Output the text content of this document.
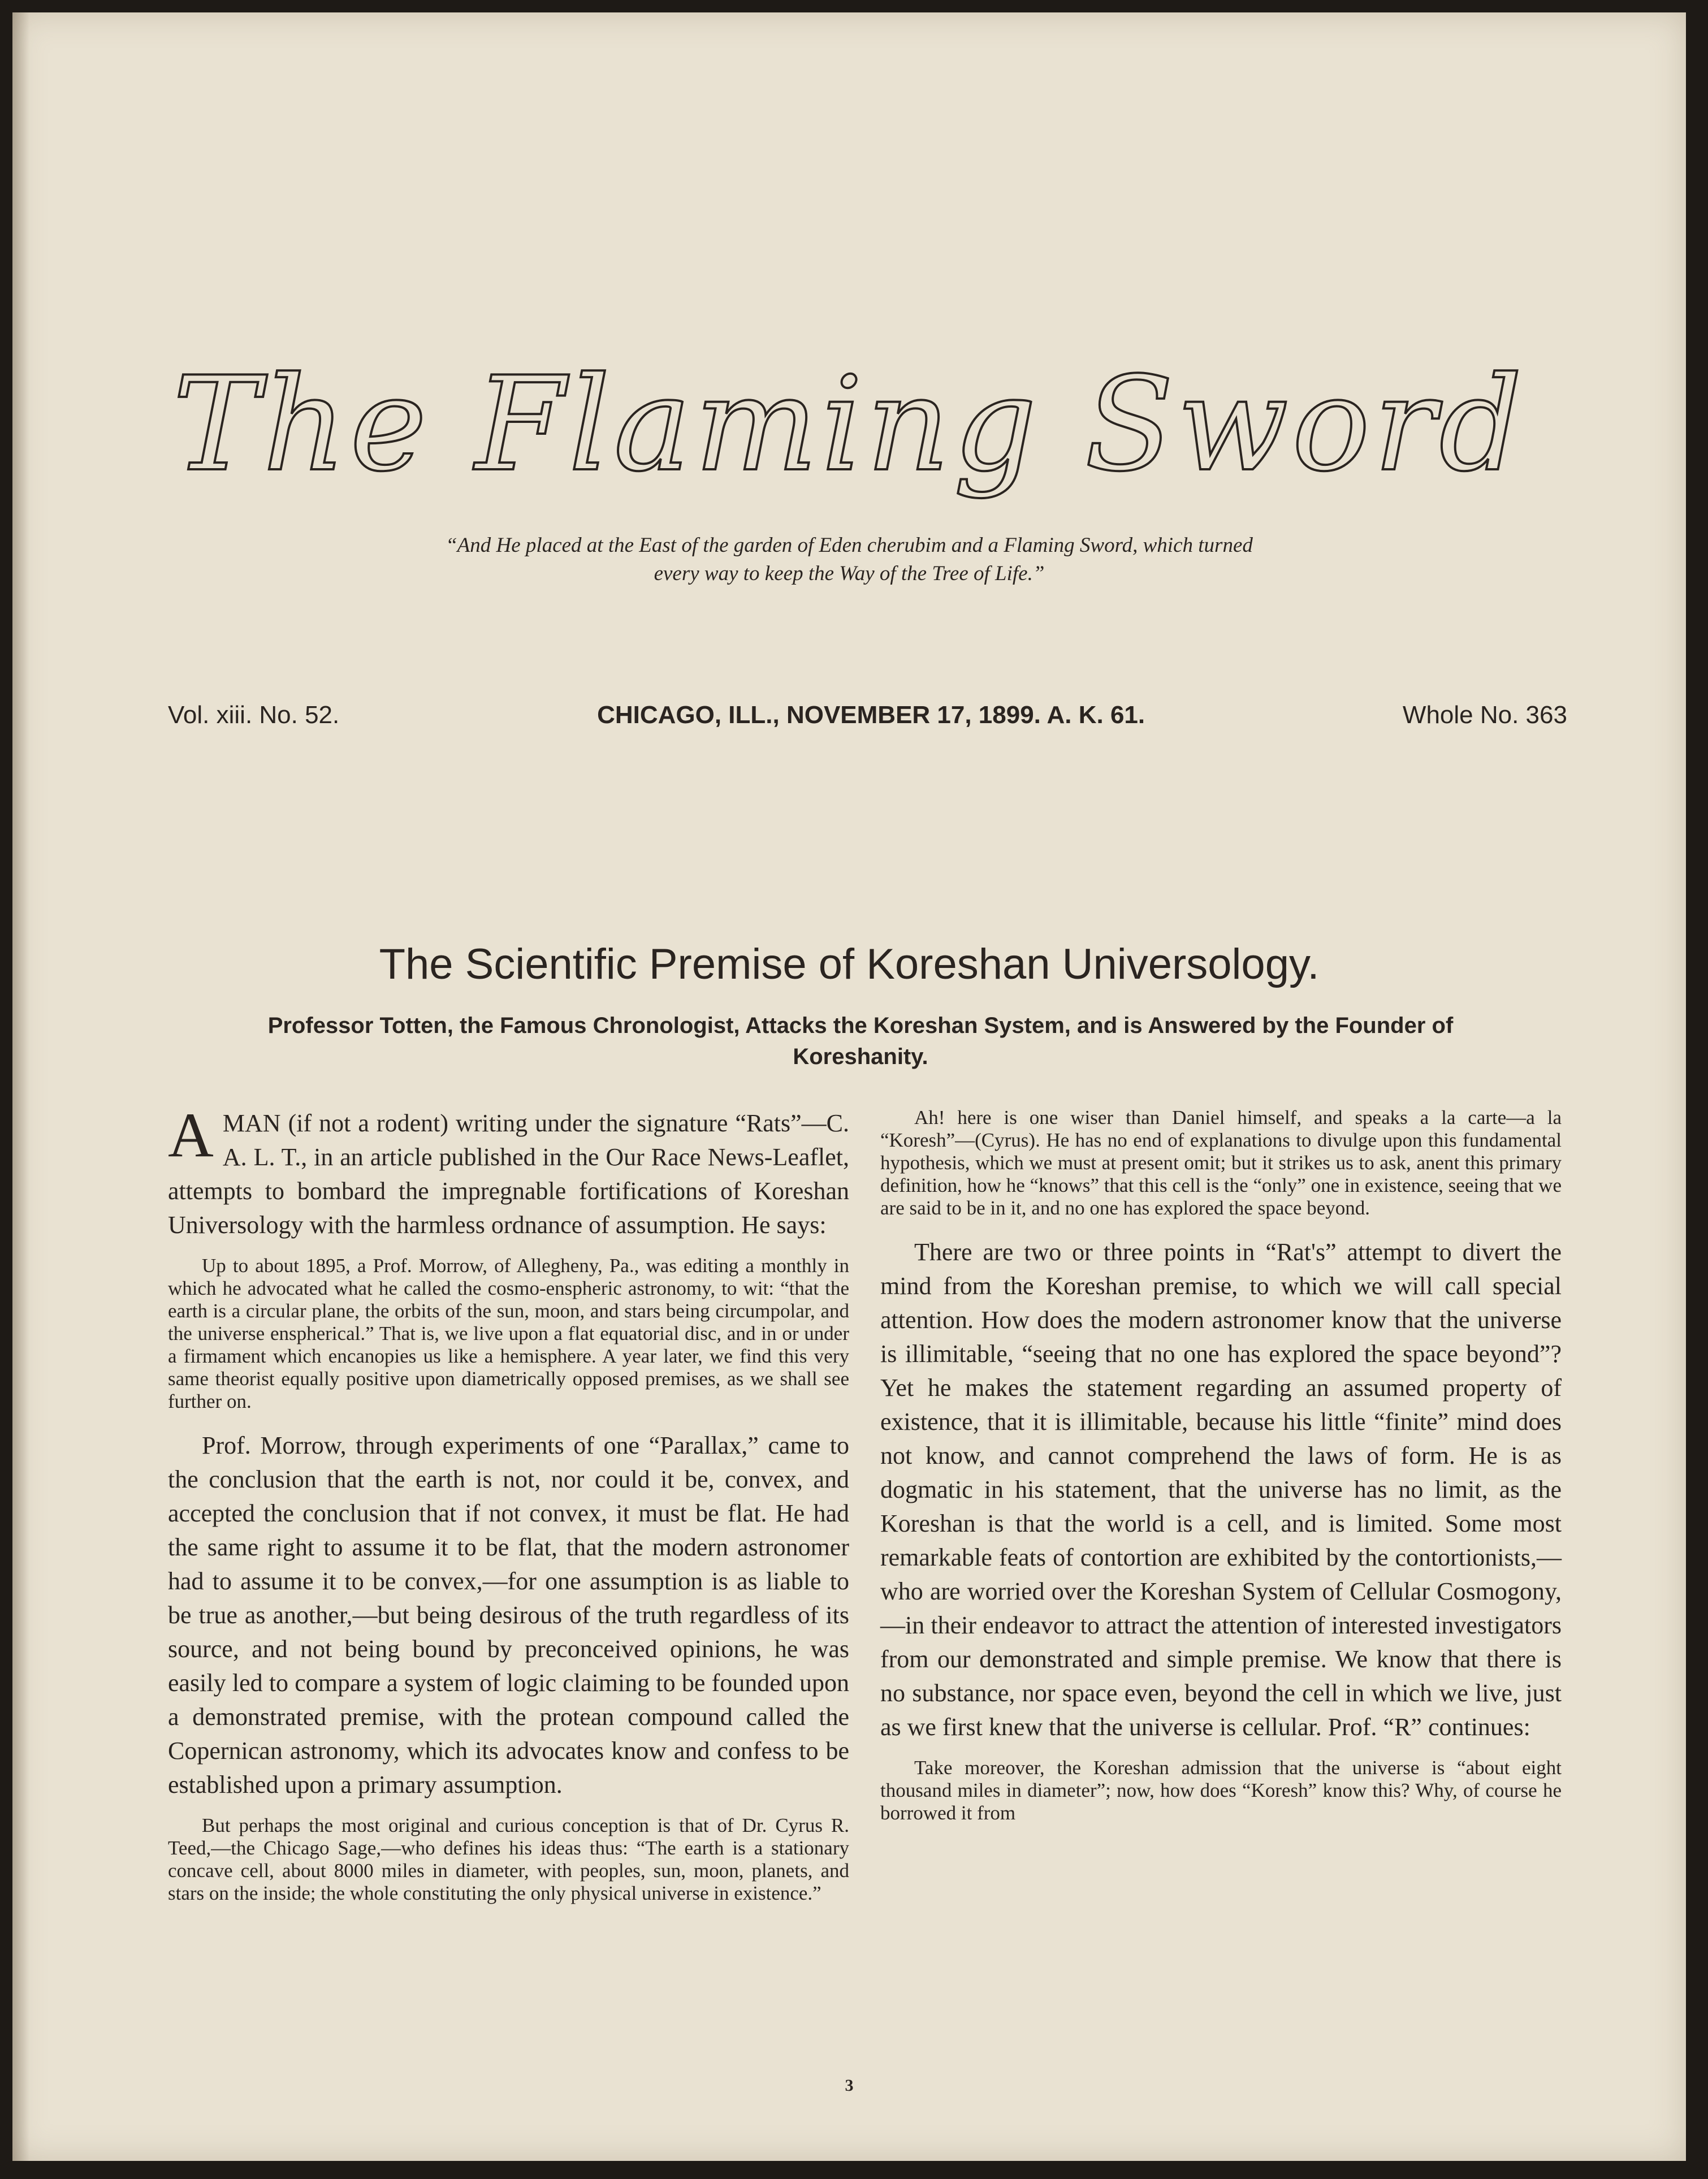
The Flaming Sword
“And He placed at the East of the garden of Eden cherubim and a Flaming Sword, which turned
every way to keep the Way of the Tree of Life.”
Vol. xiii. No. 52.	CHICAGO, ILL., NOVEMBER 17, 1899. A. K. 61.	Whole No. 363
The Scientific Premise of Koreshan Universology.
Professor Totten, the Famous Chronologist, Attacks the Koreshan System, and is Answered by the Founder of Koreshanity.

AMAN (if not a rodent) writing under the signature “Rats”—C. A. L. T., in an article published in the Our Race News-Leaflet, attempts to bombard the impregnable fortifications of Koreshan Universology with the harmless ordnance of assumption. He says:

Up to about 1895, a Prof. Morrow, of Allegheny, Pa., was editing a monthly in which he advocated what he called the cosmo-enspheric astronomy, to wit: “that the earth is a circular plane, the orbits of the sun, moon, and stars being circumpolar, and the universe enspherical.” That is, we live upon a flat equatorial disc, and in or under a firmament which encanopies us like a hemisphere. A year later, we find this very same theorist equally positive upon diametrically opposed premises, as we shall see further on.

Prof. Morrow, through experiments of one “Parallax,” came to the conclusion that the earth is not, nor could it be, convex, and accepted the conclusion that if not convex, it must be flat. He had the same right to assume it to be flat, that the modern astronomer had to assume it to be convex,—for one assumption is as liable to be true as another,—but being desirous of the truth regardless of its source, and not being bound by preconceived opinions, he was easily led to compare a system of logic claiming to be founded upon a demonstrated premise, with the protean compound called the Copernican astronomy, which its advocates know and confess to be established upon a primary assumption.

But perhaps the most original and curious conception is that of Dr. Cyrus R. Teed,—the Chicago Sage,—who defines his ideas thus: “The earth is a stationary concave cell, about 8000 miles in diameter, with peoples, sun, moon, planets, and stars on the inside; the whole constituting the only physical universe in existence.”

Ah! here is one wiser than Daniel himself, and speaks a la carte—a la “Koresh”—(Cyrus). He has no end of explanations to divulge upon this fundamental hypothesis, which we must at present omit; but it strikes us to ask, anent this primary definition, how he “knows” that this cell is the “only” one in existence, seeing that we are said to be in it, and no one has explored the space beyond.

There are two or three points in “Rat's” attempt to divert the mind from the Koreshan premise, to which we will call special attention. How does the modern astronomer know that the universe is illimitable, “seeing that no one has explored the space beyond”? Yet he makes the statement regarding an assumed property of existence, that it is illimitable, because his little “finite” mind does not know, and cannot comprehend the laws of form. He is as dogmatic in his statement, that the universe has no limit, as the Koreshan is that the world is a cell, and is limited. Some most remarkable feats of contortion are exhibited by the contortionists,—who are worried over the Koreshan System of Cellular Cosmogony,—in their endeavor to attract the attention of interested investigators from our demonstrated and simple premise. We know that there is no substance, nor space even, beyond the cell in which we live, just as we first knew that the universe is cellular. Prof. “R” continues:

Take moreover, the Koreshan admission that the universe is “about eight thousand miles in diameter”; now, how does “Koresh” know this? Why, of course he borrowed it from

3
